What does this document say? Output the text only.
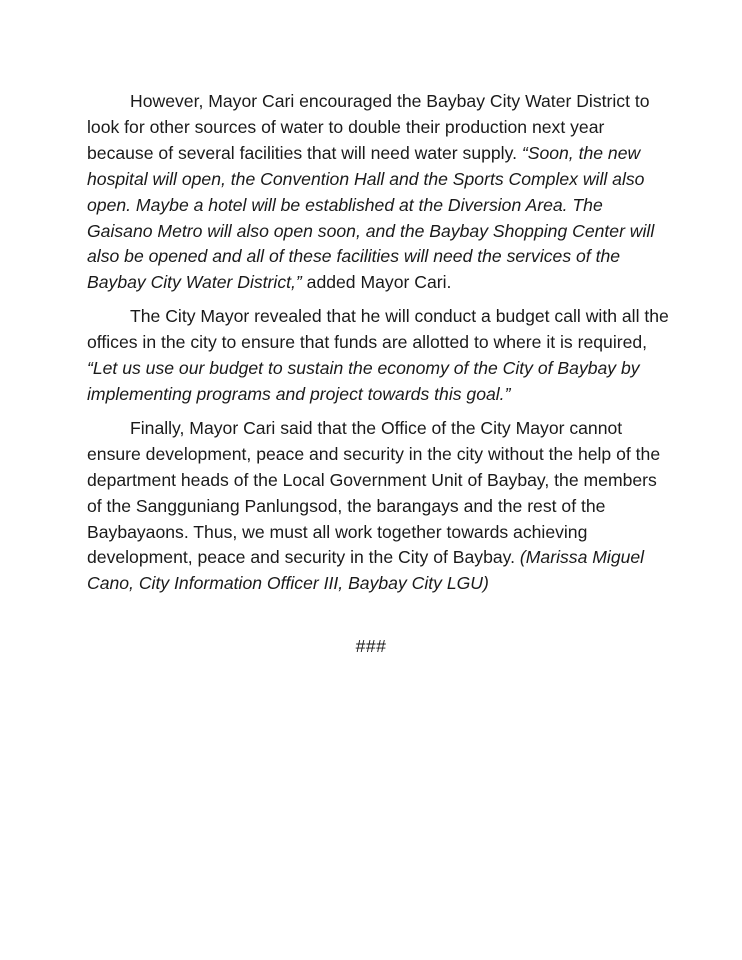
However, Mayor Cari encouraged the Baybay City Water District to look for other sources of water to double their production next year because of several facilities that will need water supply. “Soon, the new hospital will open, the Convention Hall and the Sports Complex will also open. Maybe a hotel will be established at the Diversion Area. The Gaisano Metro will also open soon, and the Baybay Shopping Center will also be opened and all of these facilities will need the services of the Baybay City Water District,” added Mayor Cari.

The City Mayor revealed that he will conduct a budget call with all the offices in the city to ensure that funds are allotted to where it is required, “Let us use our budget to sustain the economy of the City of Baybay by implementing programs and project towards this goal.”

Finally, Mayor Cari said that the Office of the City Mayor cannot ensure development, peace and security in the city without the help of the department heads of the Local Government Unit of Baybay, the members of the Sangguniang Panlungsod, the barangays and the rest of the Baybayaons. Thus, we must all work together towards achieving development, peace and security in the City of Baybay. (Marissa Miguel Cano, City Information Officer III, Baybay City LGU)

###
